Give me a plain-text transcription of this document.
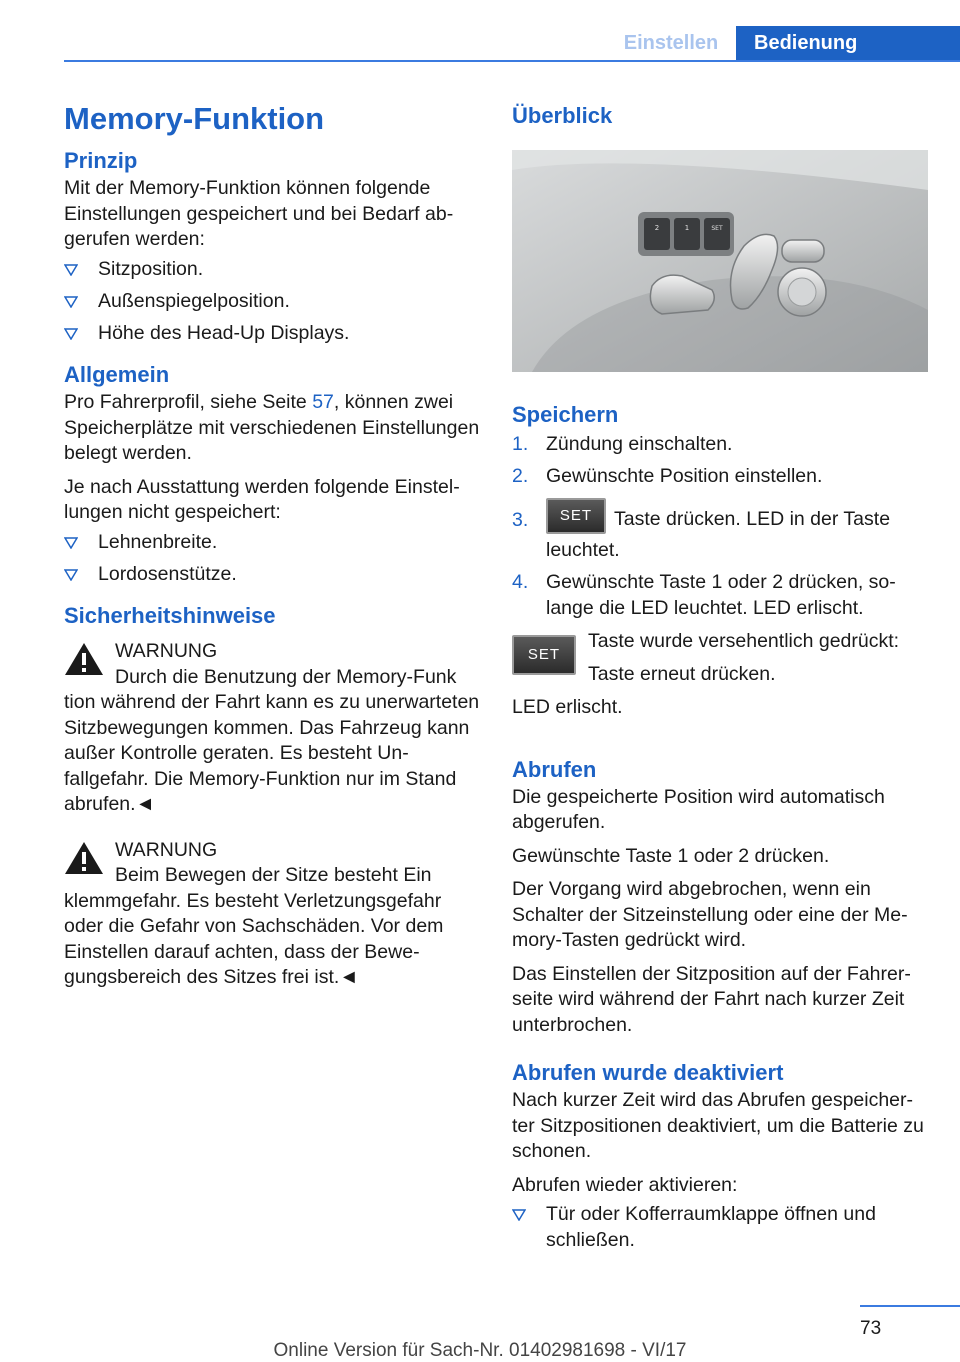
Einstellen	Bedienung
Memory-Funktion
Prinzip

Mit der Memory-Funktion können folgende Einstellungen gespeichert und bei Bedarf abgerufen werden:

Sitzposition.
Außenspiegelposition.
Höhe des Head-Up Displays.
Allgemein

Pro Fahrerprofil, siehe Seite 57, können zwei Speicherplätze mit verschiedenen Einstellungen belegt werden.

Je nach Ausstattung werden folgende Einstellungen nicht gespeichert:

Lehnenbreite.
Lordosenstütze.
Sicherheitshinweise

WARNUNG

Durch die Benutzung der Memory-Funk

tion während der Fahrt kann es zu unerwarteten Sitzbewegungen kommen. Das Fahrzeug kann außer Kontrolle geraten. Es besteht Unfallgefahr. Die Memory-Funktion nur im Stand abrufen.◄

WARNUNG

Beim Bewegen der Sitze besteht Ein

klemmgefahr. Es besteht Verletzungsgefahr oder die Gefahr von Sachschäden. Vor dem Einstellen darauf achten, dass der Bewegungsbereich des Sitzes frei ist.◄

Überblick
2	1	SET
Speichern
1. Zündung einschalten.
2. Gewünschte Position einstellen.
3. SET Taste drücken. LED in der Taste leuchtet.
4. Gewünschte Taste 1 oder 2 drücken, solange die LED leuchtet. LED erlischt.
SET

Taste wurde versehentlich gedrückt:
Taste erneut drücken.

LED erlischt.

Abrufen

Die gespeicherte Position wird automatisch abgerufen.

Gewünschte Taste 1 oder 2 drücken.

Der Vorgang wird abgebrochen, wenn ein Schalter der Sitzeinstellung oder eine der Memory-Tasten gedrückt wird.

Das Einstellen der Sitzposition auf der Fahrerseite wird während der Fahrt nach kurzer Zeit unterbrochen.

Abrufen wurde deaktiviert

Nach kurzer Zeit wird das Abrufen gespeicherter Sitzpositionen deaktiviert, um die Batterie zu schonen.

Abrufen wieder aktivieren:

Tür oder Kofferraumklappe öffnen und schließen.
73
Online Version für Sach-Nr. 01402981698 - VI/17
